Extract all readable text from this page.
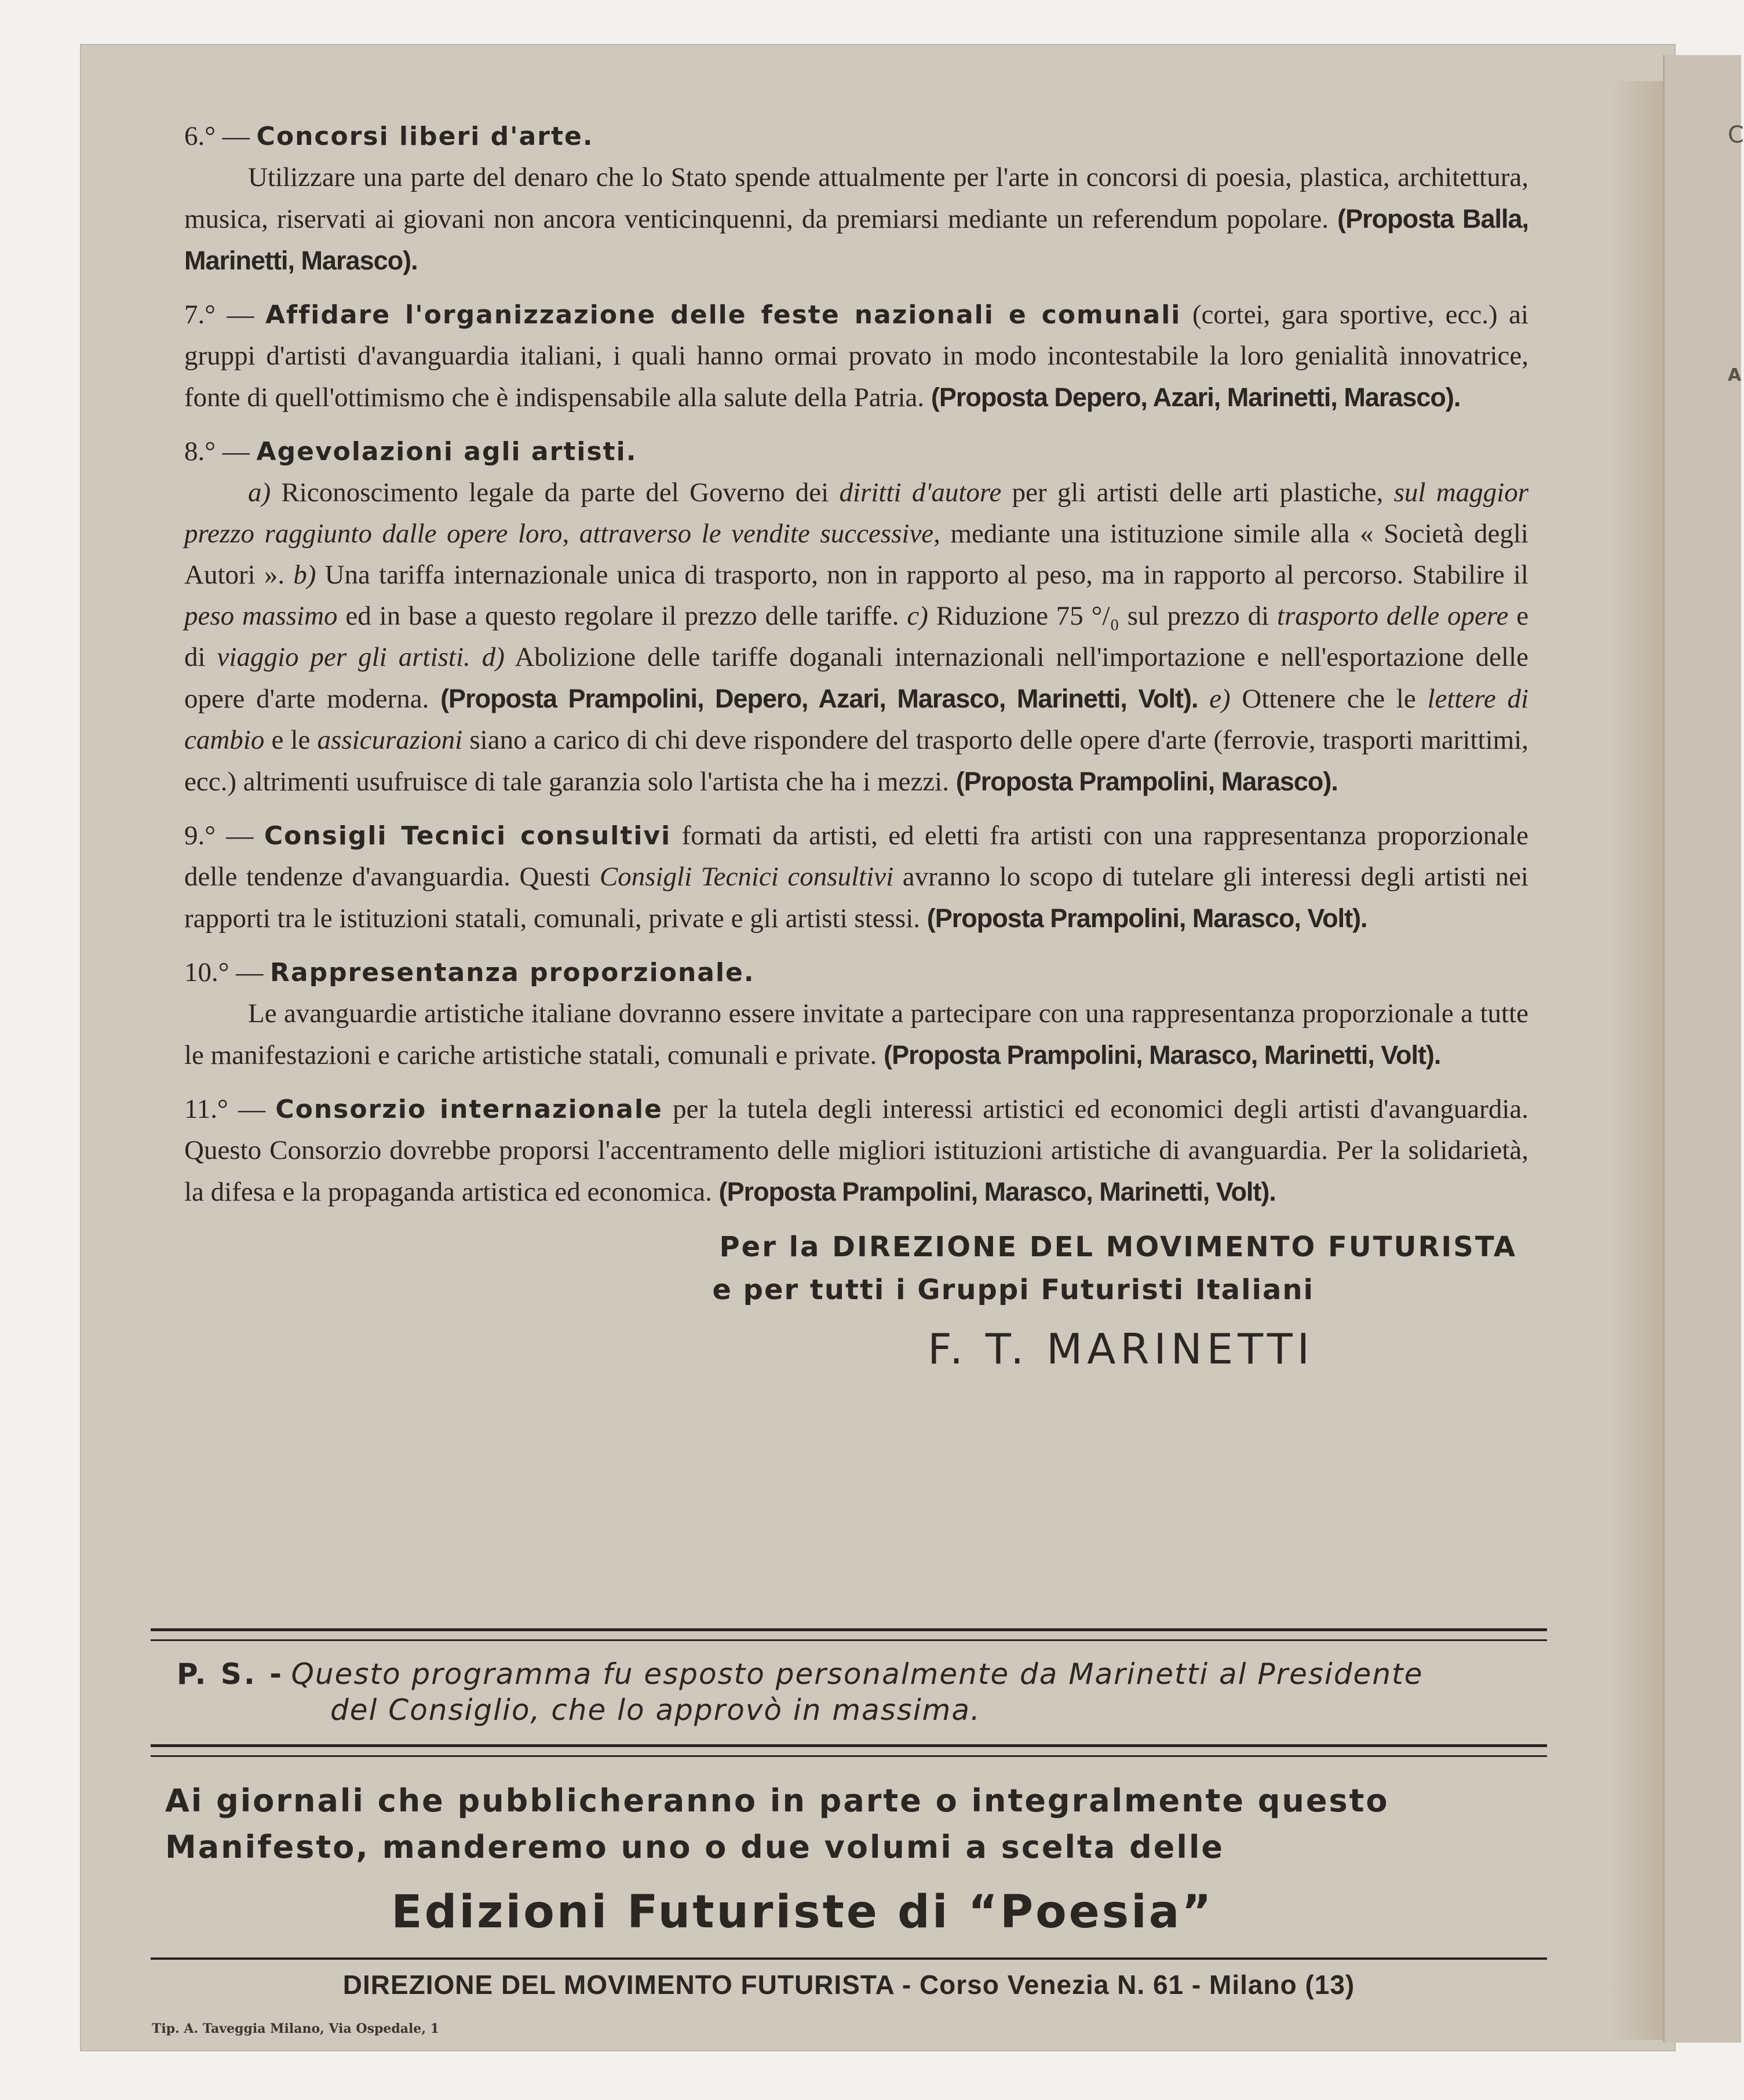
C
A

6.° — Concorsi liberi d'arte.
Utilizzare una parte del denaro che lo Stato spende attualmente per l'arte in concorsi di poesia, plastica, architettura, musica, riservati ai giovani non ancora venticinquenni, da premiarsi mediante un referendum popolare. (Proposta Balla, Marinetti, Marasco).

7.° — Affidare l'organizzazione delle feste nazionali e comunali (cortei, gara sportive, ecc.) ai gruppi d'artisti d'avanguardia italiani, i quali hanno ormai provato in modo incontestabile la loro genialità innovatrice, fonte di quell'ottimismo che è indispensabile alla salute della Patria. (Proposta Depero, Azari, Marinetti, Marasco).

8.° — Agevolazioni agli artisti.
a) Riconoscimento legale da parte del Governo dei diritti d'autore per gli artisti delle arti plastiche, sul maggior prezzo raggiunto dalle opere loro, attraverso le vendite successive, mediante una istituzione simile alla « Società degli Autori ». b) Una tariffa internazionale unica di trasporto, non in rapporto al peso, ma in rapporto al percorso. Stabilire il peso massimo ed in base a questo regolare il prezzo delle tariffe. c) Riduzione 75 °/₀ sul prezzo di trasporto delle opere e di viaggio per gli artisti. d) Abolizione delle tariffe doganali internazionali nell'importazione e nell'esportazione delle opere d'arte moderna. (Proposta Prampolini, Depero, Azari, Marasco, Marinetti, Volt). e) Ottenere che le lettere di cambio e le assicurazioni siano a carico di chi deve rispondere del trasporto delle opere d'arte (ferrovie, trasporti marittimi, ecc.) altrimenti usufruisce di tale garanzia solo l'artista che ha i mezzi. (Proposta Prampolini, Marasco).

9.° — Consigli Tecnici consultivi formati da artisti, ed eletti fra artisti con una rappresentanza proporzionale delle tendenze d'avanguardia. Questi Consigli Tecnici consultivi avranno lo scopo di tutelare gli interessi degli artisti nei rapporti tra le istituzioni statali, comunali, private e gli artisti stessi. (Proposta Prampolini, Marasco, Volt).

10.° — Rappresentanza proporzionale.
Le avanguardie artistiche italiane dovranno essere invitate a partecipare con una rappresentanza proporzionale a tutte le manifestazioni e cariche artistiche statali, comunali e private. (Proposta Prampolini, Marasco, Marinetti, Volt).

11.° — Consorzio internazionale per la tutela degli interessi artistici ed economici degli artisti d'avanguardia. Questo Consorzio dovrebbe proporsi l'accentramento delle migliori istituzioni artistiche di avanguardia. Per la solidarietà, la difesa e la propaganda artistica ed economica. (Proposta Prampolini, Marasco, Marinetti, Volt).

Per la DIREZIONE DEL MOVIMENTO FUTURISTA
e per tutti i Gruppi Futuristi Italiani
F. T. MARINETTI
P. S. - Questo programma fu esposto personalmente da Marinetti al Presidente
del Consiglio, che lo approvò in massima.
Ai giornali che pubblicheranno in parte o integralmente questo Manifesto, manderemo uno o due volumi a scelta delle
Edizioni Futuriste di “Poesia”
DIREZIONE DEL MOVIMENTO FUTURISTA - Corso Venezia N. 61 - Milano (13)
Tip. A. Taveggia Milano, Via Ospedale, 1
